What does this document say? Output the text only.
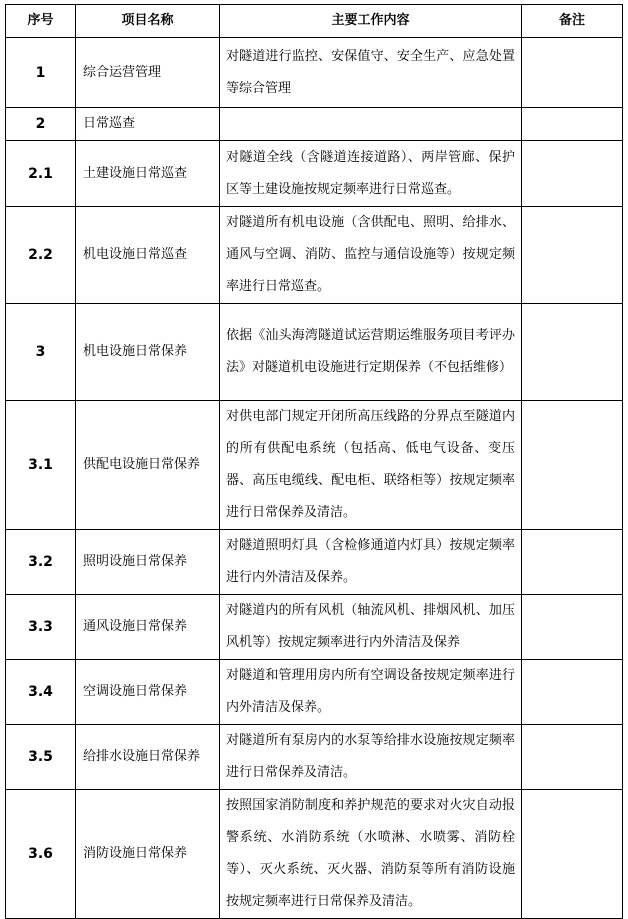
序号	项目名称	主要工作内容	备注
1	综合运营管理	对隧道进行监控、安保值守、安全生产、应急处置等综合管理	
2	日常巡查		
2.1	土建设施日常巡查	对隧道全线（含隧道连接道路）、两岸管廊、保护区等土建设施按规定频率进行日常巡查。	
2.2	机电设施日常巡查	对隧道所有机电设施（含供配电、照明、给排水、通风与空调、消防、监控与通信设施等）按规定频率进行日常巡查。	
3	机电设施日常保养	依据《汕头海湾隧道试运营期运维服务项目考评办法》对隧道机电设施进行定期保养（不包括维修）	
3.1	供配电设施日常保养	对供电部门规定开闭所高压线路的分界点至隧道内的所有供配电系统（包括高、低电气设备、变压器、高压电缆线、配电柜、联络柜等）按规定频率进行日常保养及清洁。	
3.2	照明设施日常保养	对隧道照明灯具（含检修通道内灯具）按规定频率进行内外清洁及保养。	
3.3	通风设施日常保养	对隧道内的所有风机（轴流风机、排烟风机、加压风机等）按规定频率进行内外清洁及保养	
3.4	空调设施日常保养	对隧道和管理用房内所有空调设备按规定频率进行内外清洁及保养。	
3.5	给排水设施日常保养	对隧道所有泵房内的水泵等给排水设施按规定频率进行日常保养及清洁。	
3.6	消防设施日常保养	按照国家消防制度和养护规范的要求对火灾自动报警系统、水消防系统（水喷淋、水喷雾、消防栓等）、灭火系统、灭火器、消防泵等所有消防设施按规定频率进行日常保养及清洁。	
